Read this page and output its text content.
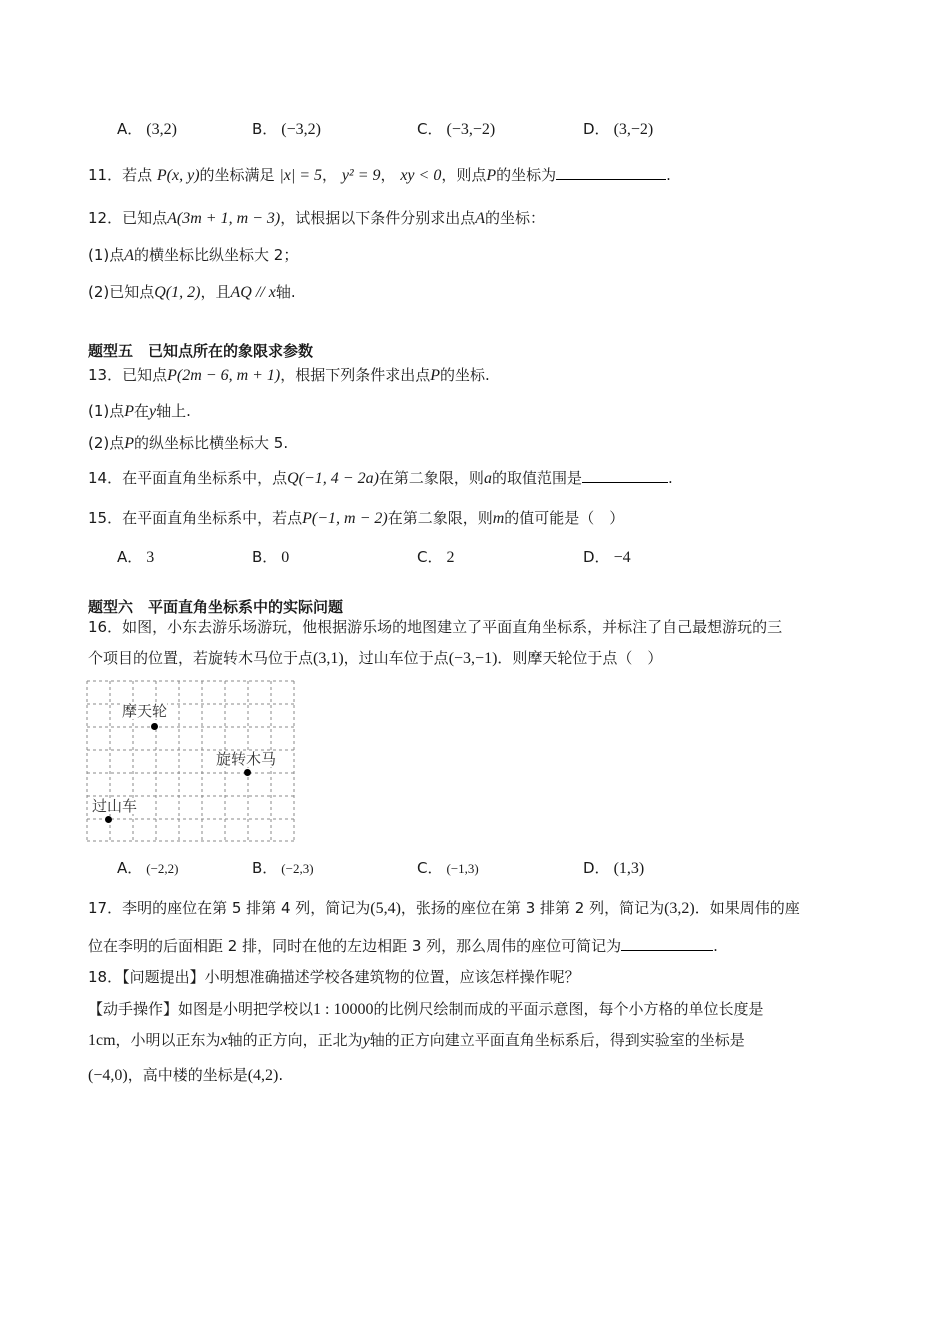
A． (3,2)	B． (−3,2)	C． (−3,−2)	D． (3,−2)
11．若点 P(x, y)的坐标满足 |x| = 5， y² = 9， xy < 0，则点P的坐标为	.
12．已知点A(3m + 1, m − 3)，试根据以下条件分别求出点A的坐标：
(1)点A的横坐标比纵坐标大 2；
(2)已知点Q(1, 2)，且AQ // x轴.
题型五　已知点所在的象限求参数
13．已知点P(2m − 6, m + 1)，根据下列条件求出点P的坐标.
(1)点P在y轴上.
(2)点P的纵坐标比横坐标大 5.
14．在平面直角坐标系中，点Q(−1, 4 − 2a)在第二象限，则a的取值范围是	.
15．在平面直角坐标系中，若点P(−1, m − 2)在第二象限，则m的值可能是（　）
A． 3	B． 0	C． 2	D． −4
题型六　平面直角坐标系中的实际问题
16．如图，小东去游乐场游玩，他根据游乐场的地图建立了平面直角坐标系，并标注了自己最想游玩的三
个项目的位置，若旋转木马位于点(3,1)，过山车位于点(−3,−1)．则摩天轮位于点（　）
摩天轮
旋转木马
过山车
A． (−2,2)	B． (−2,3)	C． (−1,3)	D． (1,3)
17．李明的座位在第 5 排第 4 列，简记为(5,4)，张扬的座位在第 3 排第 2 列，简记为(3,2)．如果周伟的座
位在李明的后面相距 2 排，同时在他的左边相距 3 列，那么周伟的座位可简记为	.
18．【问题提出】小明想准确描述学校各建筑物的位置，应该怎样操作呢？
【动手操作】如图是小明把学校以1 : 10000的比例尺绘制而成的平面示意图，每个小方格的单位长度是
1cm，小明以正东为x轴的正方向，正北为y轴的正方向建立平面直角坐标系后，得到实验室的坐标是
(−4,0)，高中楼的坐标是(4,2).
